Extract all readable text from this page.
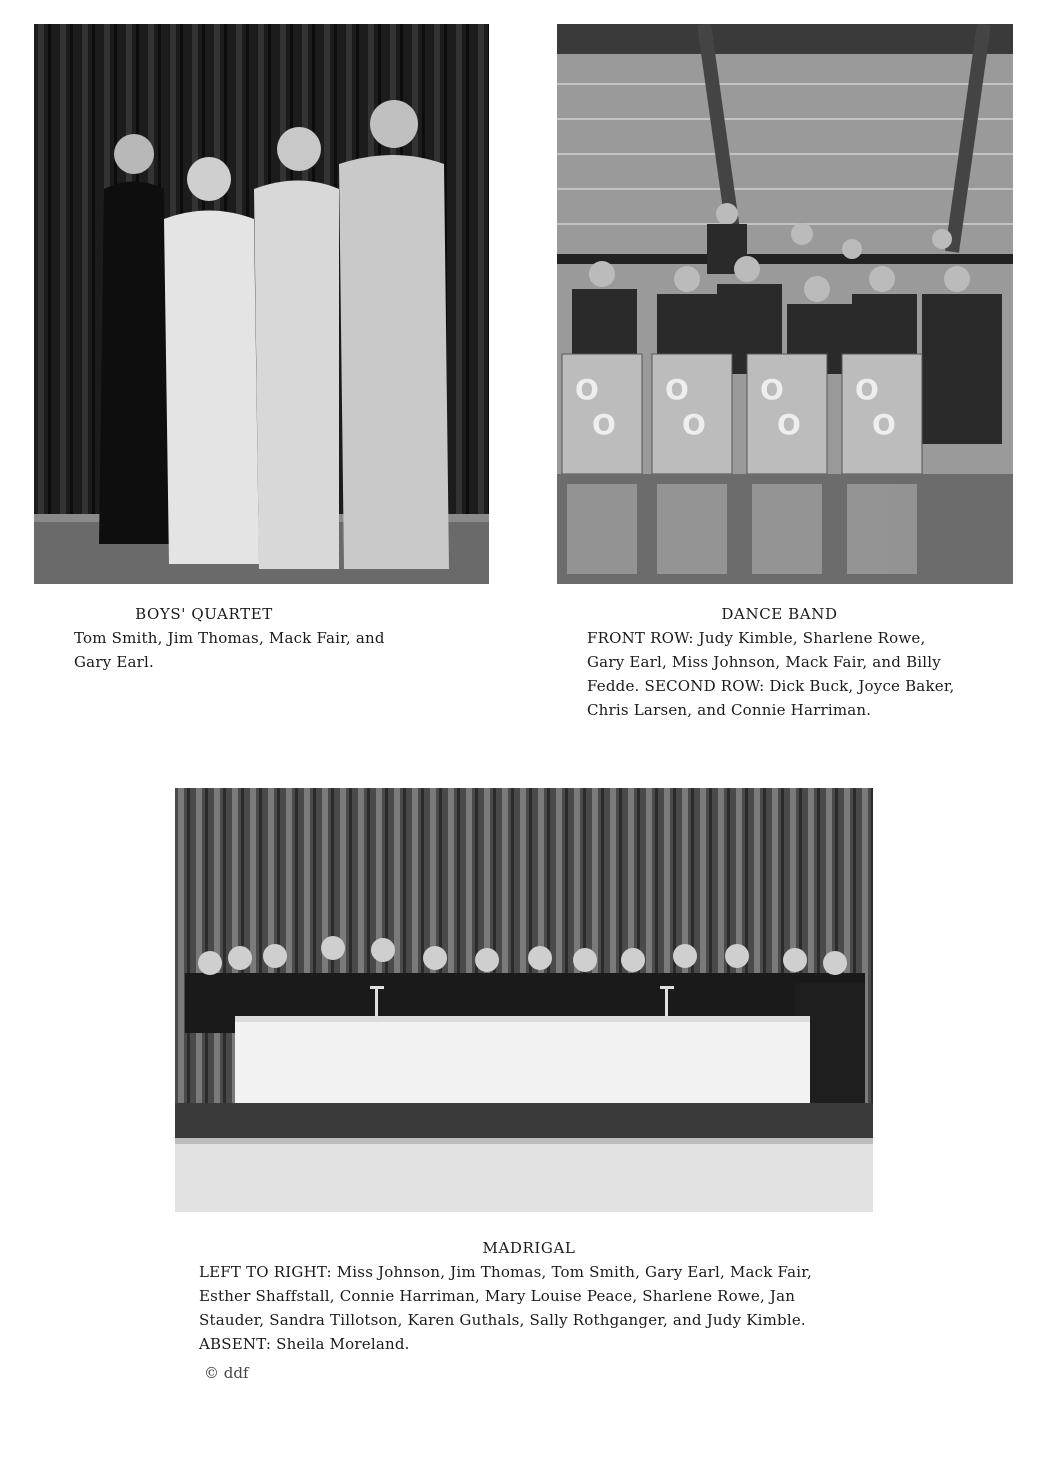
O
O
O
O
O
O
O
O
BOYS' QUARTET
Tom Smith, Jim Thomas, Mack Fair, and
Gary Earl.
DANCE BAND
FRONT ROW: Judy Kimble, Sharlene Rowe,
Gary Earl, Miss Johnson, Mack Fair, and Billy
Fedde. SECOND ROW: Dick Buck, Joyce Baker,
Chris Larsen, and Connie Harriman.
MADRIGAL
LEFT TO RIGHT: Miss Johnson, Jim Thomas, Tom Smith, Gary Earl, Mack Fair,
Esther Shaffstall, Connie Harriman, Mary Louise Peace, Sharlene Rowe, Jan
Stauder, Sandra Tillotson, Karen Guthals, Sally Rothganger, and Judy Kimble.
ABSENT: Sheila Moreland.
© ddf
